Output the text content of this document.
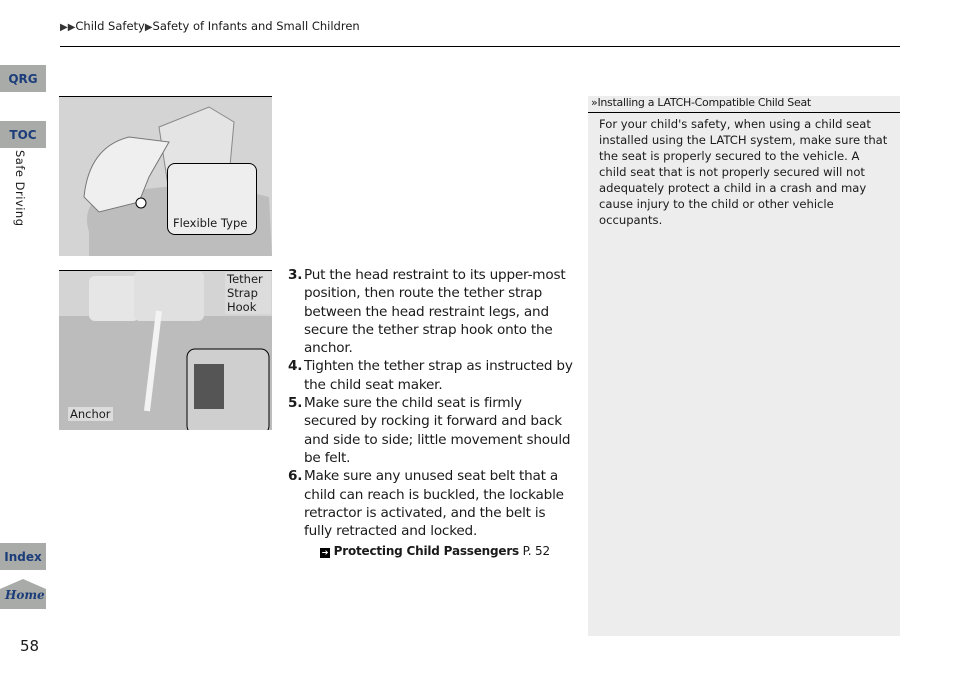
▶▶Child Safety▶Safety of Infants and Small Children
QRG
TOC
Safe Driving
Index
Home
58
Flexible Type
Tether
Strap
Hook
Anchor
3. Put the head restraint to its upper-most position, then route the tether strap between the head restraint legs, and secure the tether strap hook onto the anchor.
4. Tighten the tether strap as instructed by the child seat maker.
5. Make sure the child seat is firmly secured by rocking it forward and back and side to side; little movement should be felt.
6. Make sure any unused seat belt that a child can reach is buckled, the lockable retractor is activated, and the belt is fully retracted and locked.
➔ Protecting Child Passengers P. 52
»Installing a LATCH-Compatible Child Seat
For your child's safety, when using a child seat installed using the LATCH system, make sure that the seat is properly secured to the vehicle. A child seat that is not properly secured will not adequately protect a child in a crash and may cause injury to the child or other vehicle occupants.
